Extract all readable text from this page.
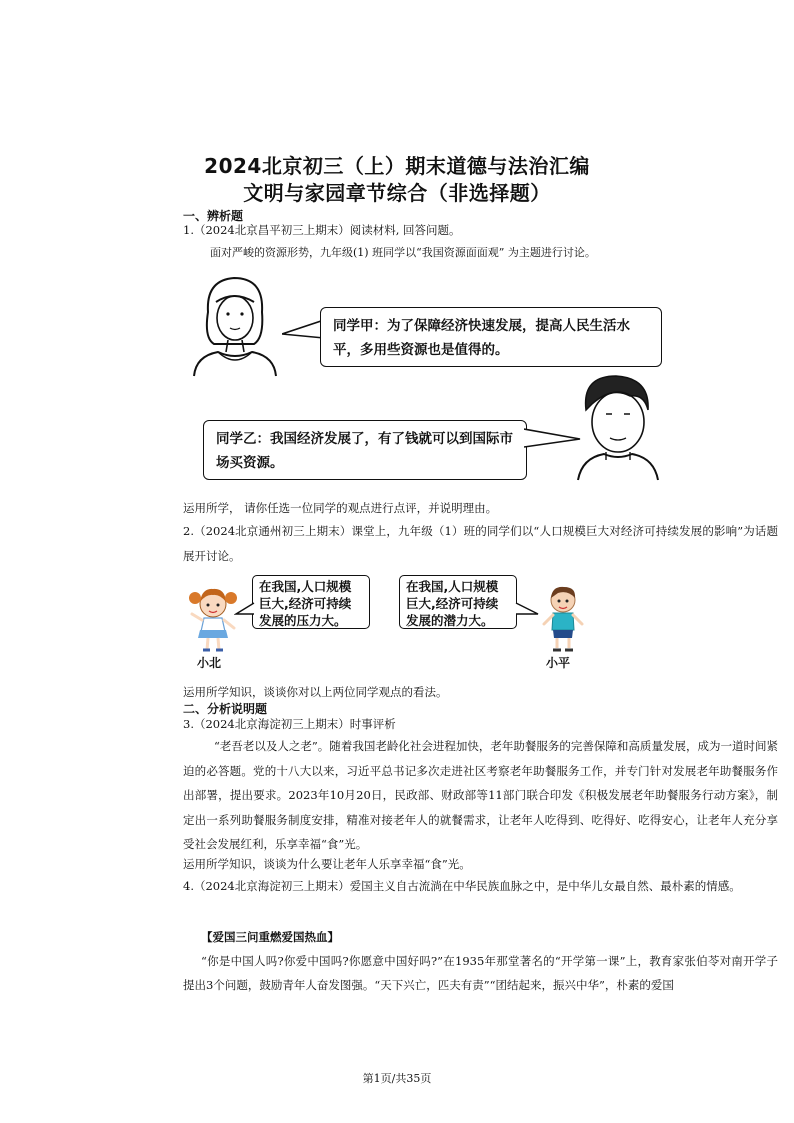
2024北京初三（上）期末道德与法治汇编
文明与家园章节综合（非选择题）
一、辨析题
1.（2024北京昌平初三上期末）阅读材料, 回答问题。
面对严峻的资源形势，九年级(1) 班同学以“我国资源面面观” 为主题进行讨论。
同学甲：为了保障经济快速发展，提高人民生活水平，多用些资源也是值得的。
同学乙：我国经济发展了，有了钱就可以到国际市场买资源。
运用所学， 请你任选一位同学的观点进行点评，并说明理由。
2.（2024北京通州初三上期末）课堂上，九年级（1）班的同学们以“人口规模巨大对经济可持续发展的影响”为话题展开讨论。
在我国,人口规模巨大,经济可持续发展的压力大。
在我国,人口规模巨大,经济可持续发展的潜力大。
小北	小平
运用所学知识，谈谈你对以上两位同学观点的看法。
二、分析说明题
3.（2024北京海淀初三上期末）时事评析
“老吾老以及人之老”。随着我国老龄化社会进程加快，老年助餐服务的完善保障和高质量发展，成为一道时间紧迫的必答题。党的十八大以来，习近平总书记多次走进社区考察老年助餐服务工作，并专门针对发展老年助餐服务作出部署，提出要求。2023年10月20日，民政部、财政部等11部门联合印发《积极发展老年助餐服务行动方案》，制定出一系列助餐服务制度安排，精准对接老年人的就餐需求，让老年人吃得到、吃得好、吃得安心，让老年人充分享受社会发展红利，乐享幸福“食”光。
运用所学知识，谈谈为什么要让老年人乐享幸福“食”光。
4.（2024北京海淀初三上期末）爱国主义自古流淌在中华民族血脉之中，是中华儿女最自然、最朴素的情感。
【爱国三问重燃爱国热血】
“你是中国人吗?你爱中国吗?你愿意中国好吗?”在1935年那堂著名的“开学第一课”上，教育家张伯苓对南开学子提出3个问题，鼓励青年人奋发图强。“天下兴亡，匹夫有责”“团结起来，振兴中华”，朴素的爱国
第1页/共35页
